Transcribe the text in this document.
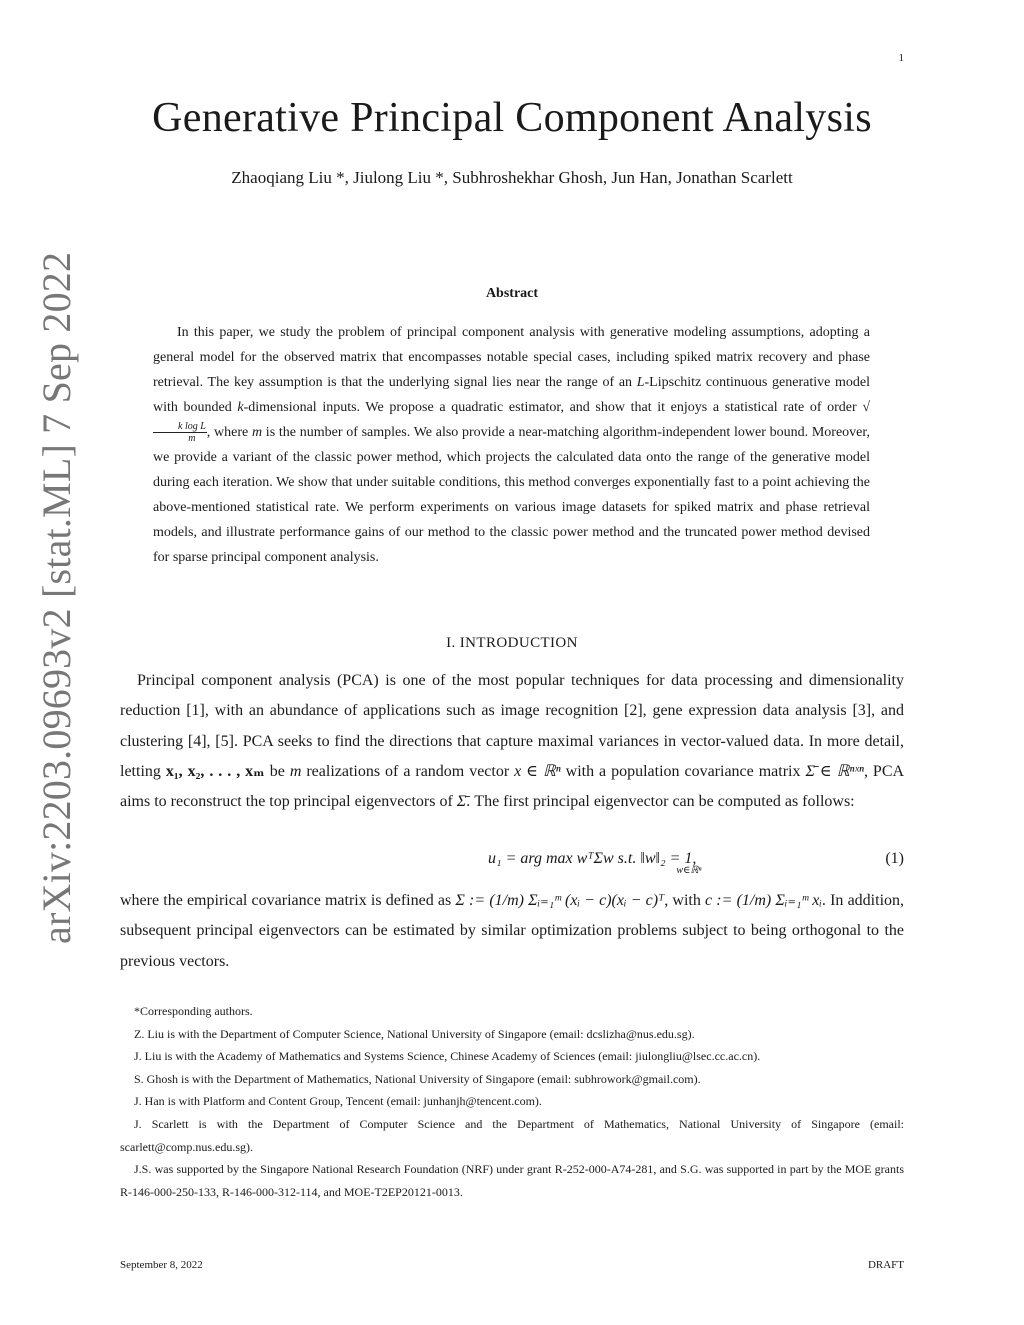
1
arXiv:2203.09693v2 [stat.ML] 7 Sep 2022
Generative Principal Component Analysis
Zhaoqiang Liu *, Jiulong Liu *, Subhroshekhar Ghosh, Jun Han, Jonathan Scarlett
Abstract
In this paper, we study the problem of principal component analysis with generative modeling assumptions, adopting a general model for the observed matrix that encompasses notable special cases, including spiked matrix recovery and phase retrieval. The key assumption is that the underlying signal lies near the range of an L-Lipschitz continuous generative model with bounded k-dimensional inputs. We propose a quadratic estimator, and show that it enjoys a statistical rate of order √
$\frac{\text{k log L}}{m}$ , where m is the number of samples. We also provide a near-matching algorithm-independent lower bound. Moreover, we provide a variant of the classic power method, which projects the calculated data onto the range of the generative model during each iteration. We show that under suitable conditions, this method converges exponentially fast to a point achieving the above-mentioned statistical rate. We perform experiments on various image datasets for spiked matrix and phase retrieval models, and illustrate performance gains of our method to the classic power method and the truncated power method devised for sparse principal component analysis.
I. INTRODUCTION
Principal component analysis (PCA) is one of the most popular techniques for data processing and dimensionality reduction [1], with an abundance of applications such as image recognition [2], gene expression data analysis [3], and clustering [4], [5]. PCA seeks to find the directions that capture maximal variances in vector-valued data. In more detail, letting x₁, x₂, . . . , xₘ be m realizations of a random vector x ∈ ℝⁿ with a population covariance matrix Σ̄ ∈ ℝⁿˣⁿ, PCA aims to reconstruct the top principal eigenvectors of Σ̄. The first principal eigenvector can be computed as follows:
u₁ = arg max wᵀΣw s.t. ‖w‖₂ = 1, w∈ℝⁿ
(1)
where the empirical covariance matrix is defined as Σ := (1/m) Σᵢ₌₁ᵐ (xᵢ − c)(xᵢ − c)ᵀ, with c := (1/m) Σᵢ₌₁ᵐ xᵢ. In addition, subsequent principal eigenvectors can be estimated by similar optimization problems subject to being orthogonal to the previous vectors.

*Corresponding authors.

Z. Liu is with the Department of Computer Science, National University of Singapore (email: dcslizha@nus.edu.sg).

J. Liu is with the Academy of Mathematics and Systems Science, Chinese Academy of Sciences (email: jiulongliu@lsec.cc.ac.cn).

S. Ghosh is with the Department of Mathematics, National University of Singapore (email: subhrowork@gmail.com).

J. Han is with Platform and Content Group, Tencent (email: junhanjh@tencent.com).

J. Scarlett is with the Department of Computer Science and the Department of Mathematics, National University of Singapore (email: scarlett@comp.nus.edu.sg).

J.S. was supported by the Singapore National Research Foundation (NRF) under grant R-252-000-A74-281, and S.G. was supported in part by the MOE grants R-146-000-250-133, R-146-000-312-114, and MOE-T2EP20121-0013.

September 8, 2022	DRAFT
